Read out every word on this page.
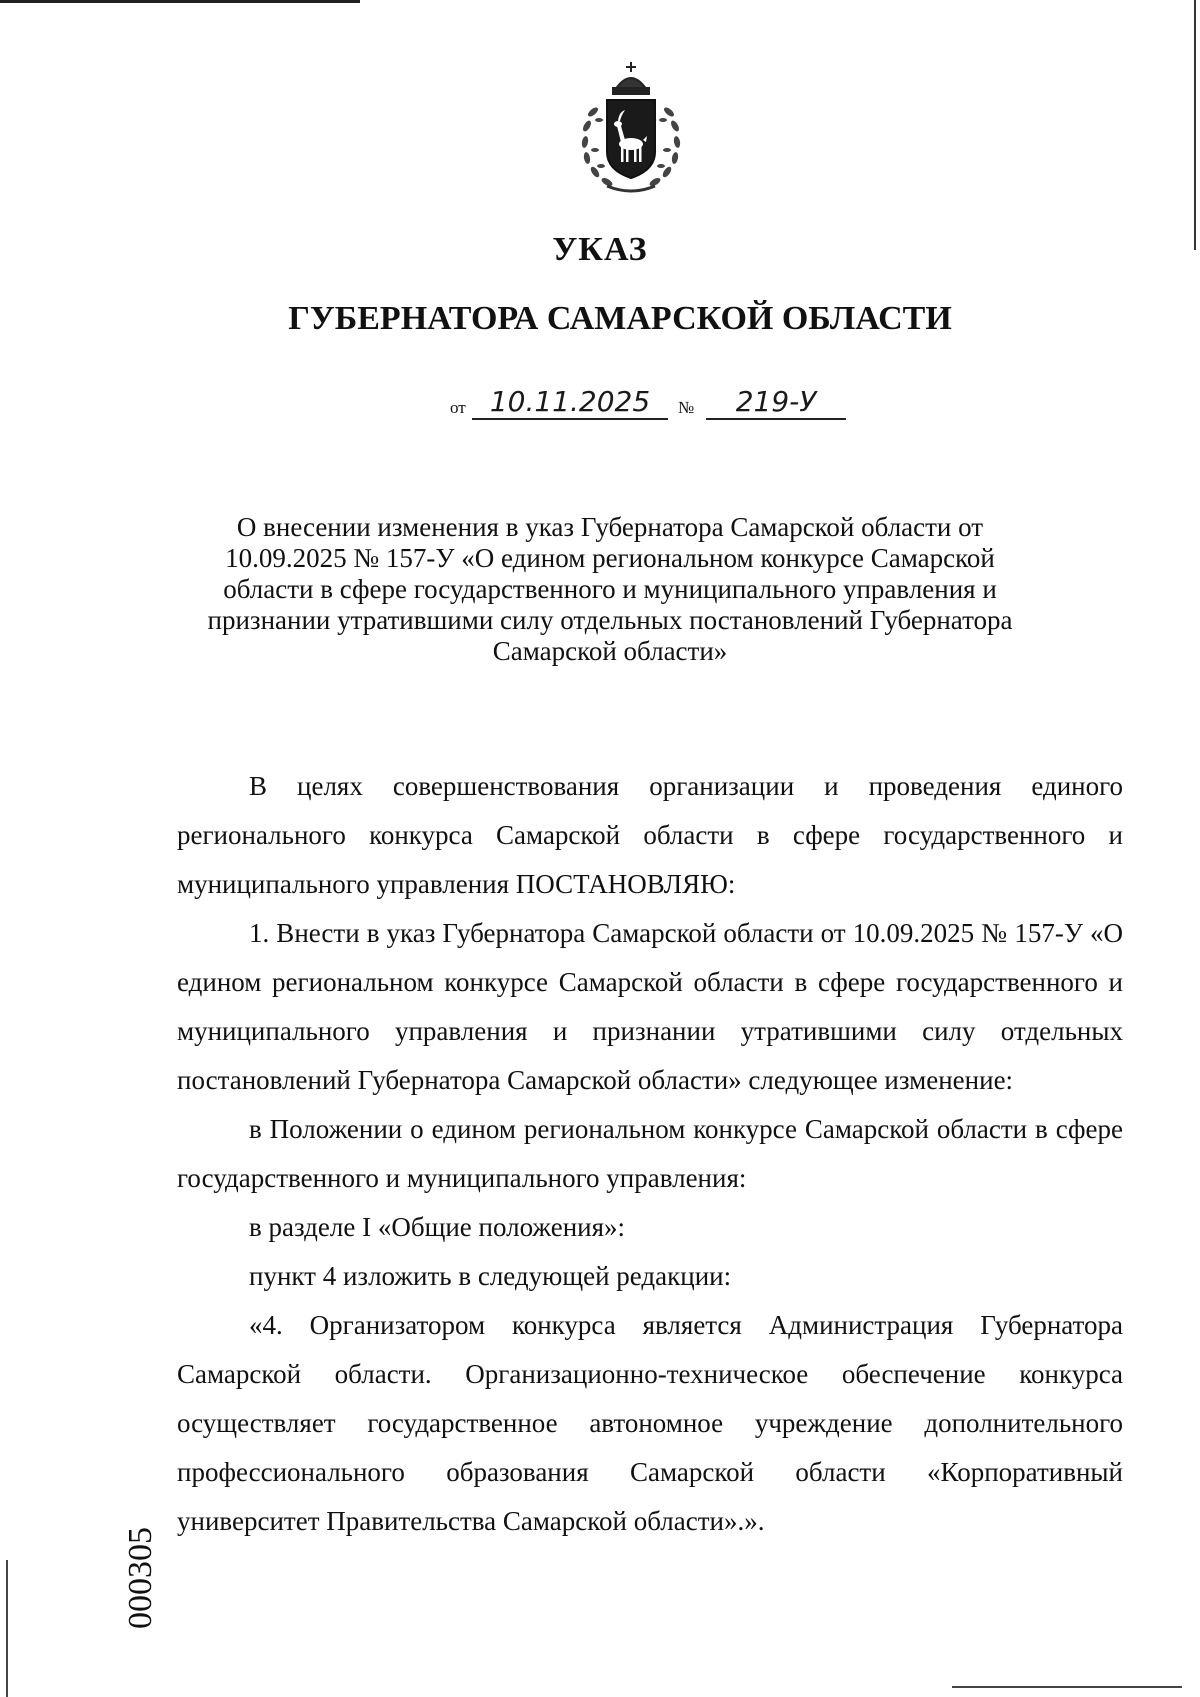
УКАЗ
ГУБЕРНАТОРА САМАРСКОЙ ОБЛАСТИ
от 10.11.2025	№	219-У
О внесении изменения в указ Губернатора Самарской области от 10.09.2025 № 157-У «О едином региональном конкурсе Самарской области в сфере государственного и муниципального управления и признании утратившими силу отдельных постановлений Губернатора Самарской области»

В целях совершенствования организации и проведения единого регионального конкурса Самарской области в сфере государственного и муниципального управления ПОСТАНОВЛЯЮ:

1. Внести в указ Губернатора Самарской области от 10.09.2025 № 157-У «О едином региональном конкурсе Самарской области в сфере государственного и муниципального управления и признании утратившими силу отдельных постановлений Губернатора Самарской области» следующее изменение:

в Положении о едином региональном конкурсе Самарской области в сфере государственного и муниципального управления:

в разделе I «Общие положения»:

пункт 4 изложить в следующей редакции:

«4. Организатором конкурса является Администрация Губернатора Самарской области. Организационно-техническое обеспечение конкурса осуществляет государственное автономное учреждение дополнительного профессионального образования Самарской области «Корпоративный университет Правительства Самарской области».».

000305
